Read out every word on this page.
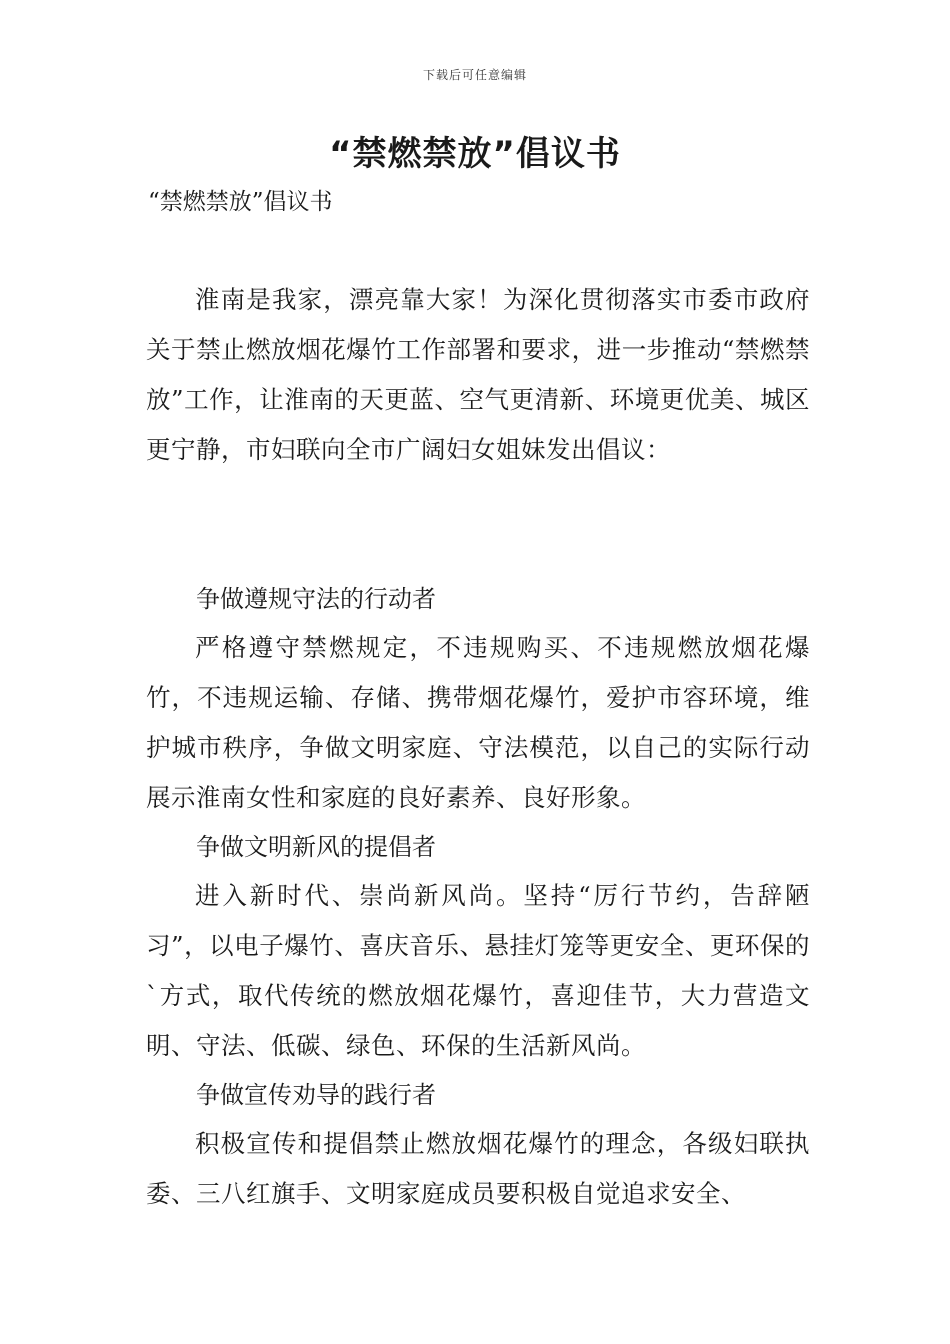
下载后可任意编辑
“禁燃禁放”倡议书

“禁燃禁放”倡议书

淮南是我家，漂亮靠大家！为深化贯彻落实市委市政府关于禁止燃放烟花爆竹工作部署和要求，进一步推动“禁燃禁放”工作，让淮南的天更蓝、空气更清新、环境更优美、城区更宁静，市妇联向全市广阔妇女姐妹发出倡议：

争做遵规守法的行动者

严格遵守禁燃规定，不违规购买、不违规燃放烟花爆竹，不违规运输、存储、携带烟花爆竹，爱护市容环境，维护城市秩序，争做文明家庭、守法模范，以自己的实际行动展示淮南女性和家庭的良好素养、良好形象。

争做文明新风的提倡者

进入新时代、崇尚新风尚。坚持“厉行节约，告辞陋习”，以电子爆竹、喜庆音乐、悬挂灯笼等更安全、更环保的`方式，取代传统的燃放烟花爆竹，喜迎佳节，大力营造文明、守法、低碳、绿色、环保的生活新风尚。

争做宣传劝导的践行者

积极宣传和提倡禁止燃放烟花爆竹的理念，各级妇联执委、三八红旗手、文明家庭成员要积极自觉追求安全、
